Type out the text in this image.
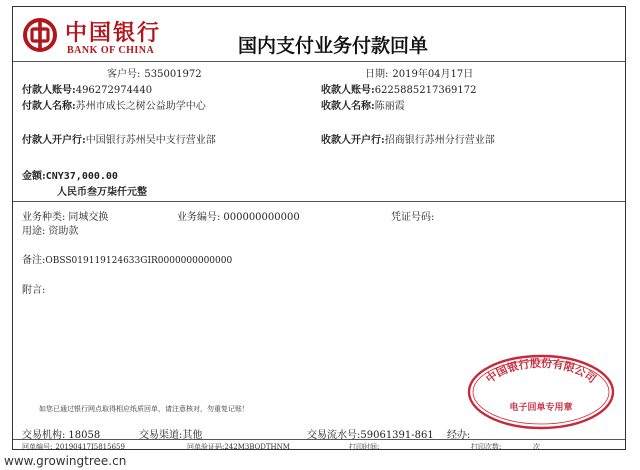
中国银行
BANK OF CHINA	国内支付业务付款回单
客户号: 535001972	日期: 2019年04月17日
付款人账号:496272974440	收款人账号:6225885217369172
付款人名称:苏州市成长之树公益助学中心	收款人名称:陈丽霞
付款人开户行:中国银行苏州吴中支行营业部	收款人开户行:招商银行苏州分行营业部
金额:CNY37,000.00
人民币叁万柒仟元整
业务种类: 同城交换	业务编号: 000000000000	凭证号码:
用途: 资助款
备注:OBSS019119124633GIR0000000000000
附言:
中国银行股份有限公司
电子回单专用章
如您已通过银行网点取得相应纸质回单，请注意核对，勿重复记账！
交易机构: 18058	交易渠道:其他	交易流水号:59061391-861 经办:
回单编号: 20190417I5815659	回单验证码:242M3BQDTHNM	打印时间:	打印次数:	次
www.growingtree.cn
